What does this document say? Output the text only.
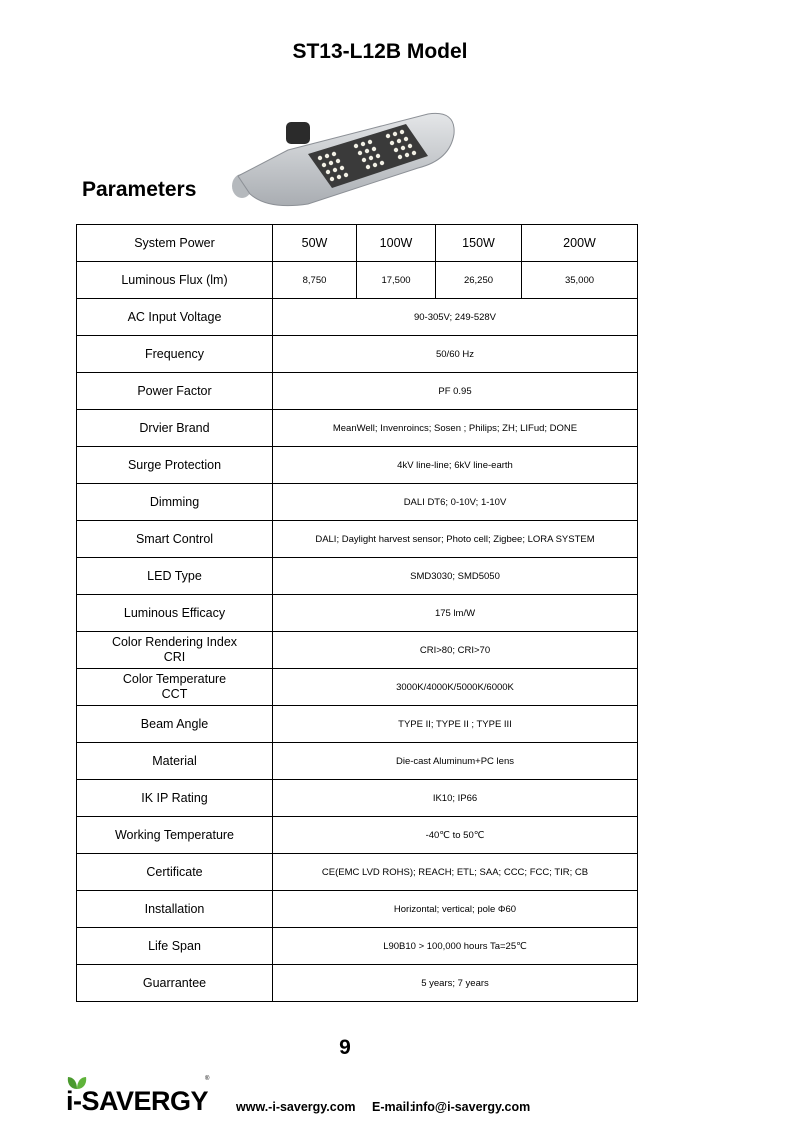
ST13-L12B Model
Parameters
System Power	50W	100W	150W	200W
Luminous Flux (lm)	8,750	17,500	26,250	35,000
AC Input Voltage	90-305V; 249-528V			
Frequency	50/60 Hz			
Power Factor	PF 0.95			
Drvier Brand	MeanWell; Invenroincs; Sosen ; Philips; ZH; LIFud; DONE			
Surge Protection	4kV line-line; 6kV line-earth			
Dimming	DALI DT6; 0-10V; 1-10V			
Smart Control	DALI; Daylight harvest sensor; Photo cell; Zigbee; LORA SYSTEM			
LED Type	SMD3030; SMD5050			
Luminous Efficacy	175 lm/W			
Color Rendering Index
CRI	CRI>80; CRI>70			
Color Temperature
CCT	3000K/4000K/5000K/6000K			
Beam Angle	TYPE II; TYPE II ; TYPE III			
Material	Die-cast Aluminum+PC lens			
IK IP Rating	IK10; IP66			
Working Temperature	-40℃ to 50℃			
Certificate	CE(EMC LVD ROHS); REACH; ETL; SAA; CCC; FCC; TIR; CB			
Installation	Horizontal; vertical; pole Φ60			
Life Span	L90B10 > 100,000 hours Ta=25℃			
Guarrantee	5 years; 7 years			
9
i-SAVERGY
®
www.-i-savergy.com E-mail:
info@i-savergy.com
